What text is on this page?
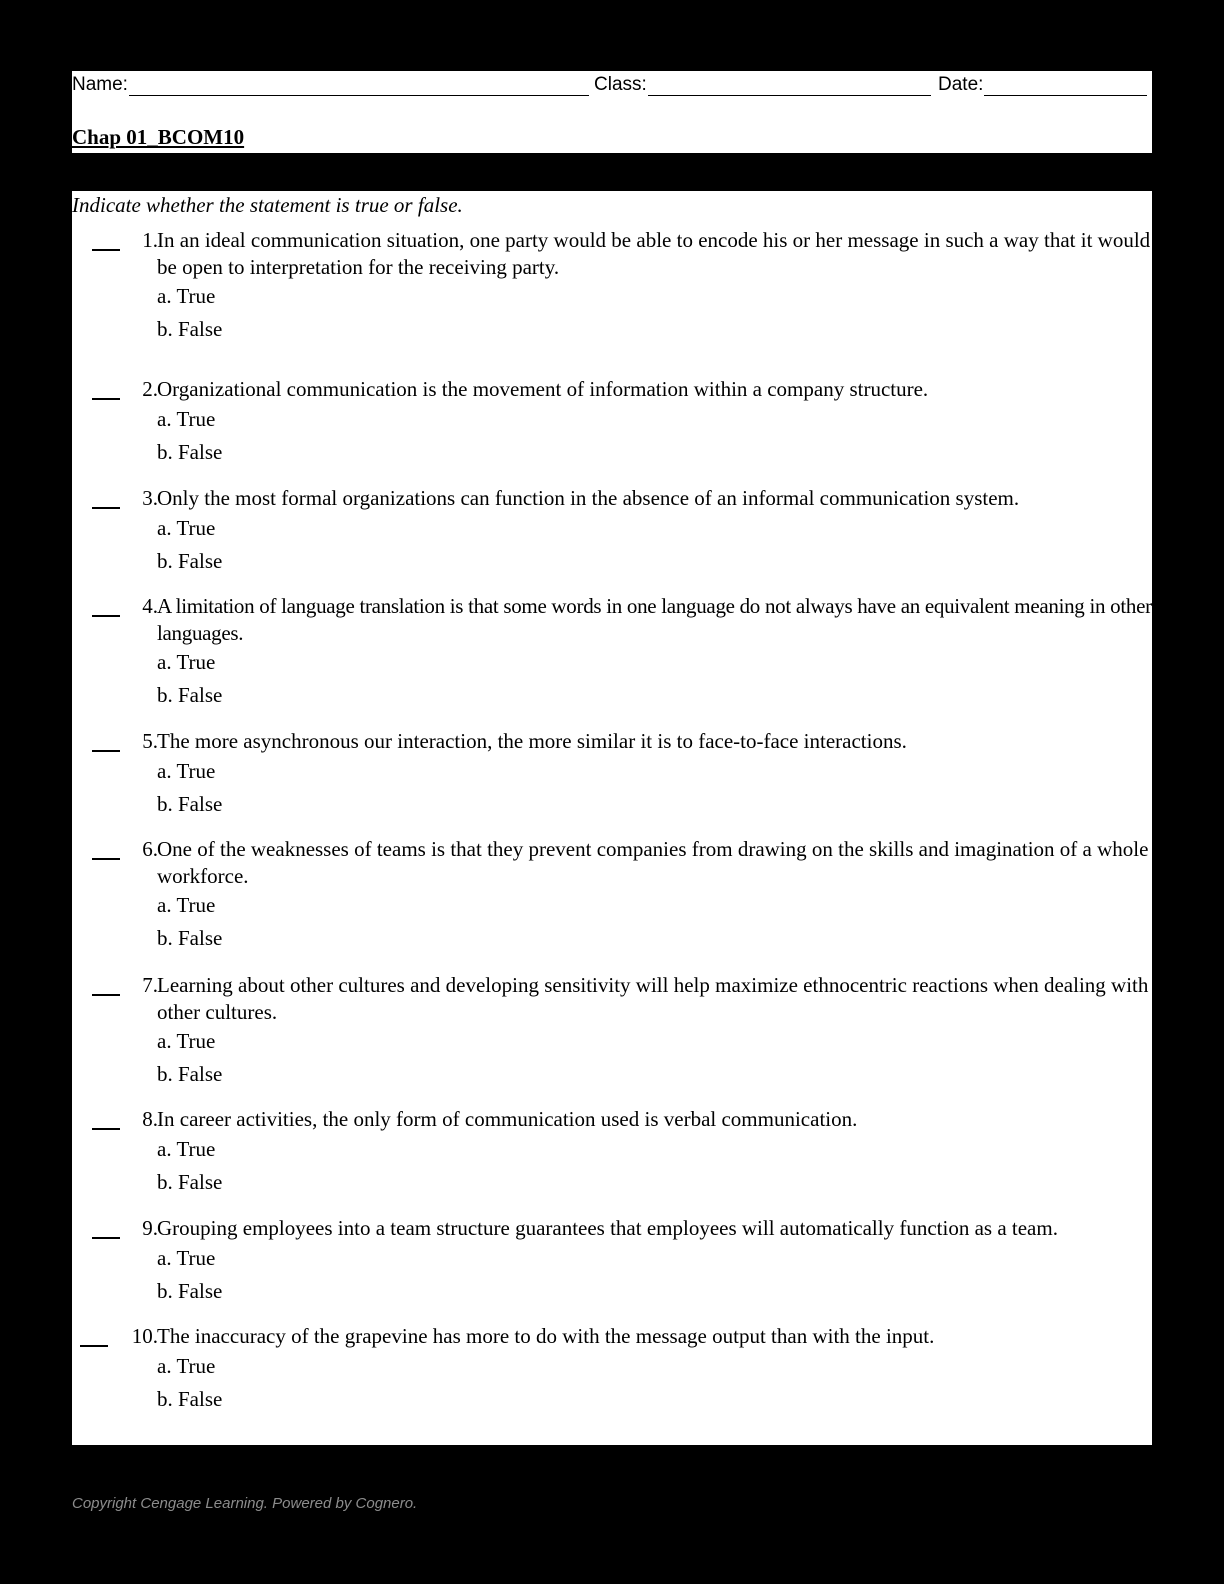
Name:	Class:	Date:
Chap 01_BCOM10

Indicate whether the statement is true or false.

1. In an ideal communication situation, one party would be able to encode his or her message in such a way that it would be open to interpretation for the receiving party.

a. True
b. False
2. Organizational communication is the movement of information within a company structure.

a. True
b. False
3. Only the most formal organizations can function in the absence of an informal communication system.

a. True
b. False
4. A limitation of language translation is that some words in one language do not always have an equivalent meaning in other languages.

a. True
b. False
5. The more asynchronous our interaction, the more similar it is to face-to-face interactions.

a. True
b. False
6. One of the weaknesses of teams is that they prevent companies from drawing on the skills and imagination of a whole workforce.

a. True
b. False
7. Learning about other cultures and developing sensitivity will help maximize ethnocentric reactions when dealing with other cultures.

a. True
b. False
8. In career activities, the only form of communication used is verbal communication.

a. True
b. False
9. Grouping employees into a team structure guarantees that employees will automatically function as a team.

a. True
b. False
10. The inaccuracy of the grapevine has more to do with the message output than with the input.

a. True
b. False
Copyright Cengage Learning. Powered by Cognero.
